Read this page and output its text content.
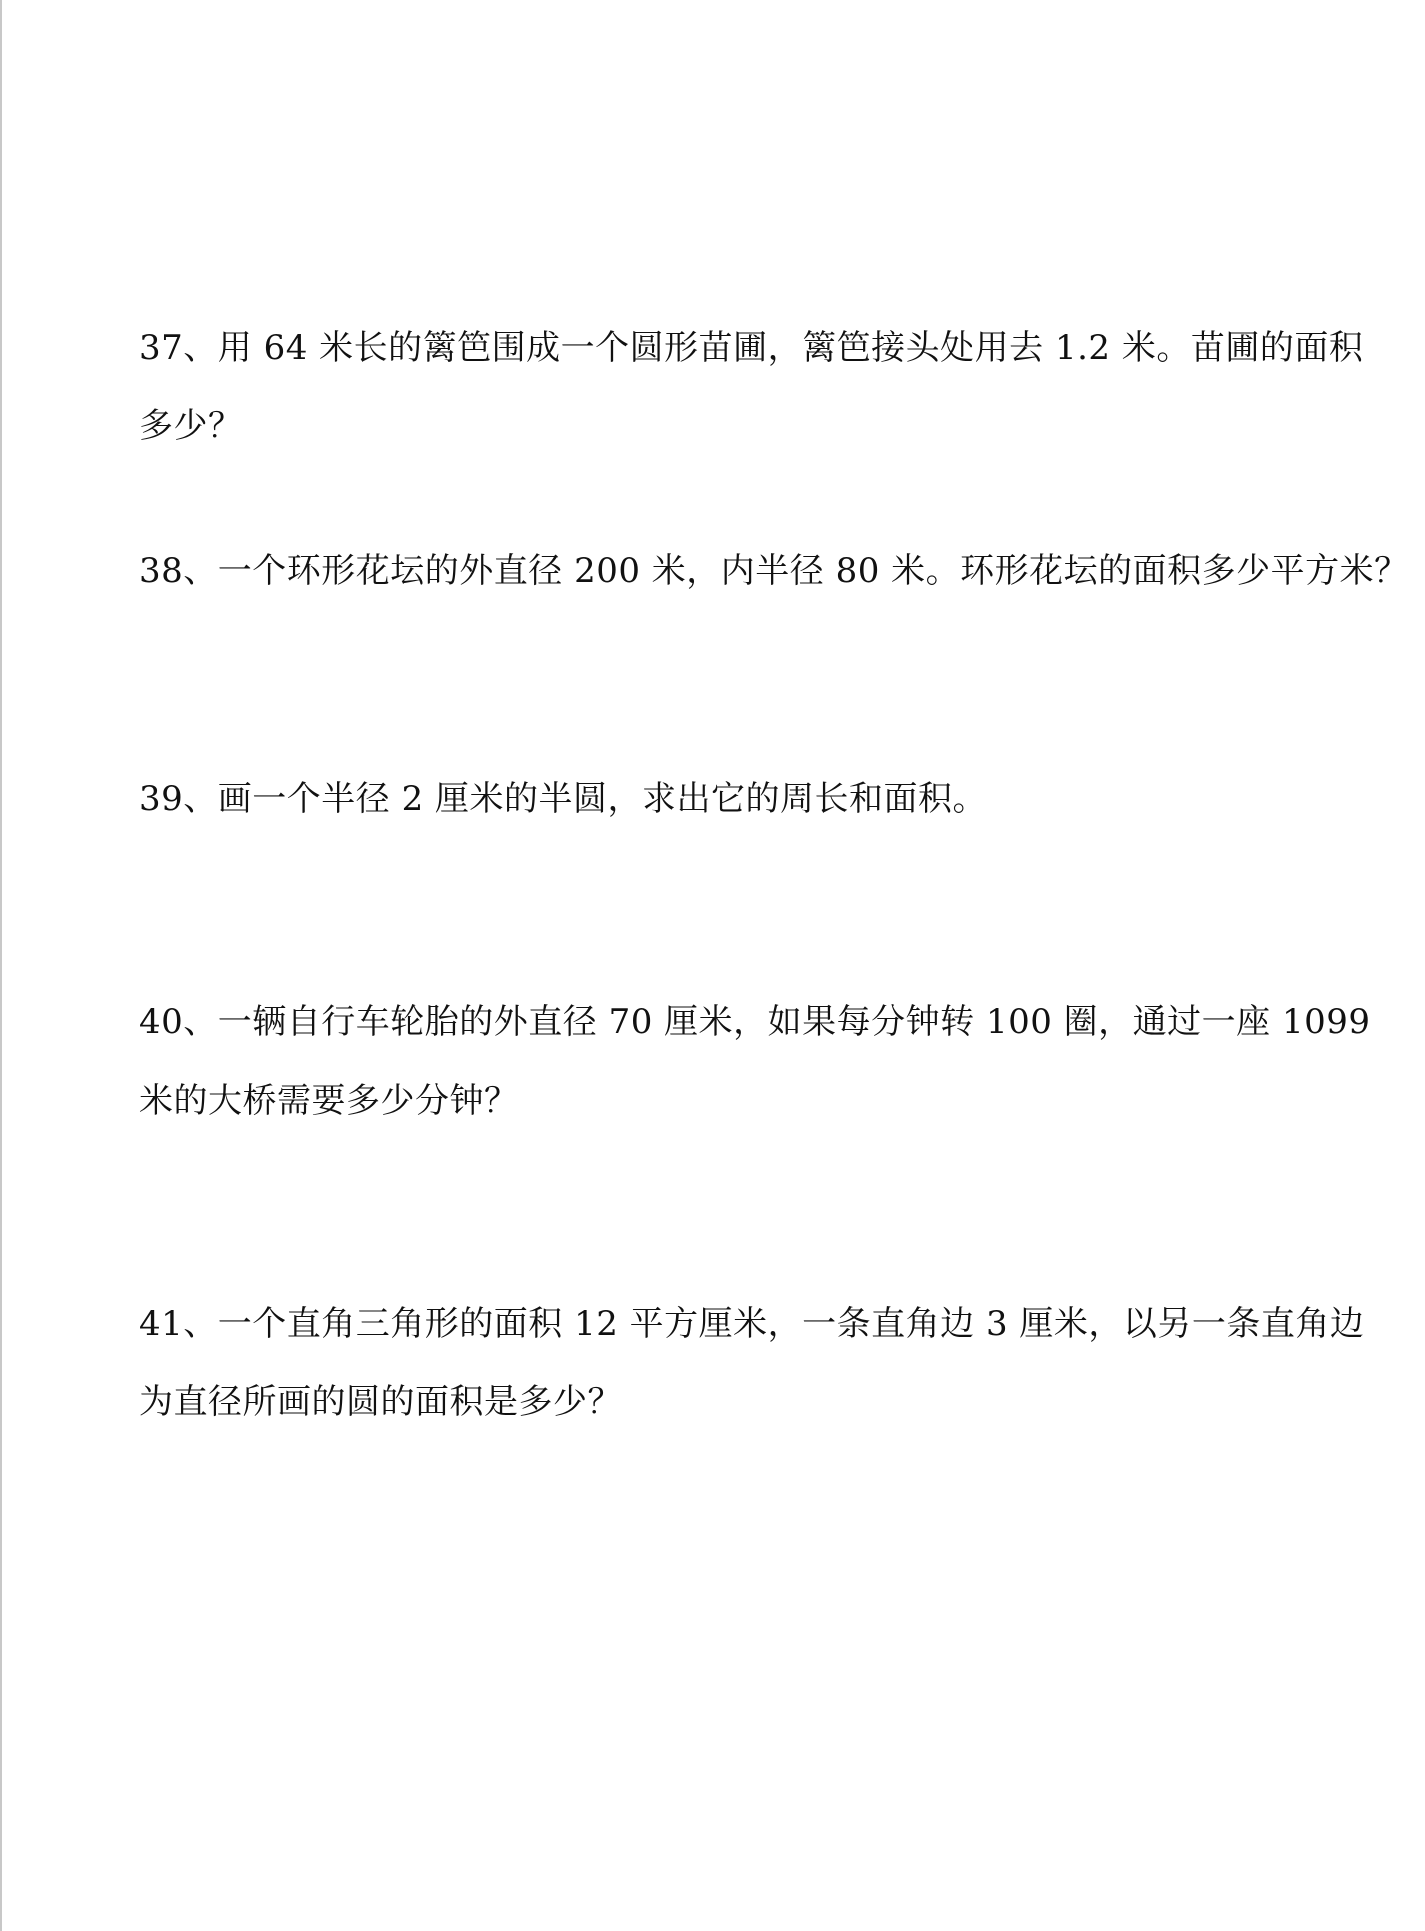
37、用 64 米长的篱笆围成一个圆形苗圃，篱笆接头处用去 1.2 米。苗圃的面积
多少？
38、一个环形花坛的外直径 200 米，内半径 80 米。环形花坛的面积多少平方米？
39、画一个半径 2 厘米的半圆，求出它的周长和面积。
40、一辆自行车轮胎的外直径 70 厘米，如果每分钟转 100 圈，通过一座 1099
米的大桥需要多少分钟？
41、一个直角三角形的面积 12 平方厘米，一条直角边 3 厘米，以另一条直角边
为直径所画的圆的面积是多少？
